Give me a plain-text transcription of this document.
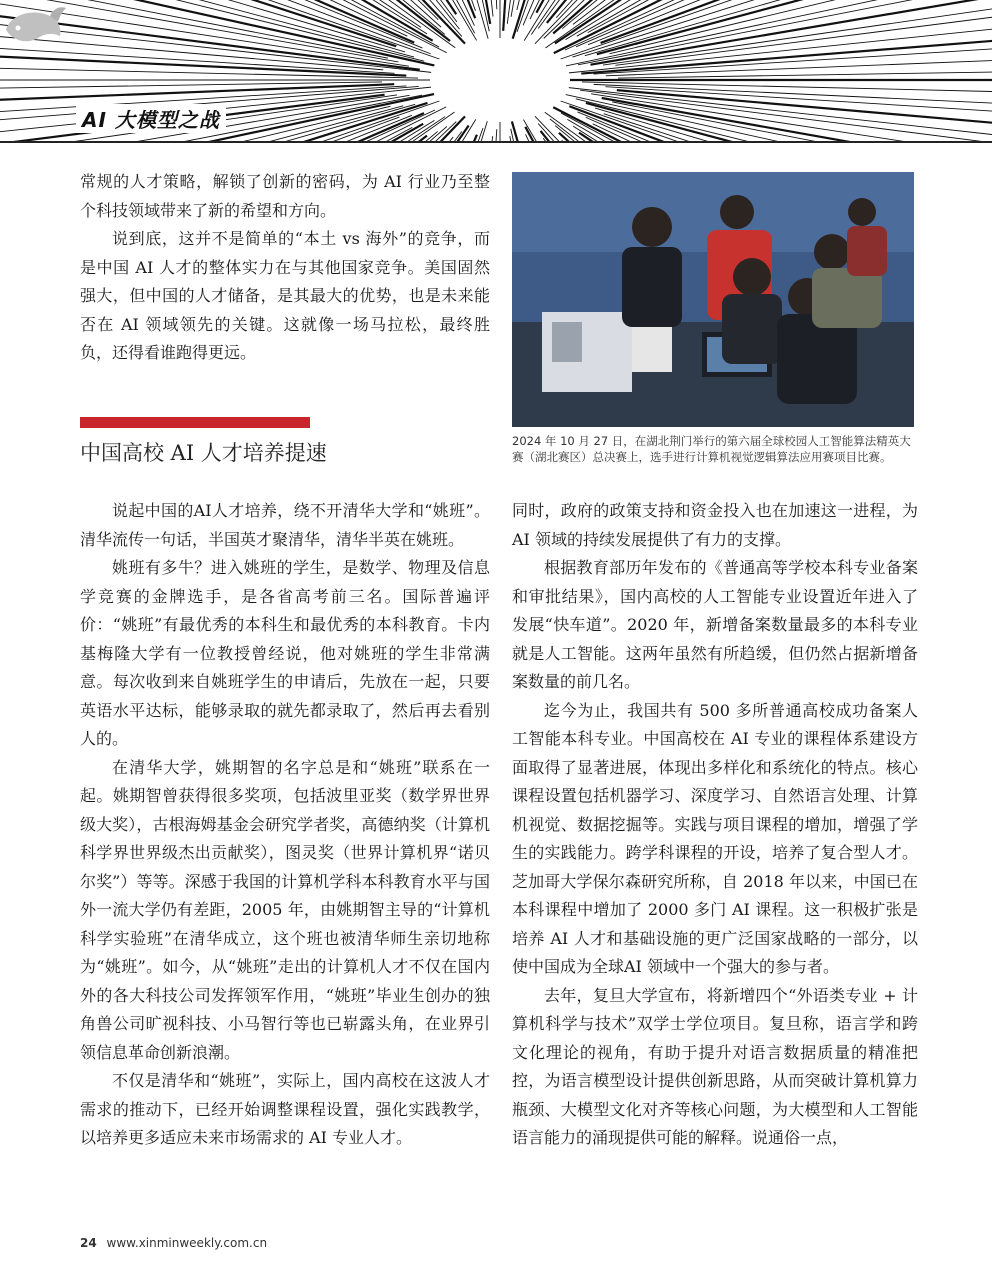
AI 大模型之战

常规的人才策略，解锁了创新的密码，为 AI 行业乃至整个科技领域带来了新的希望和方向。

说到底，这并不是简单的“本土 vs 海外”的竞争，而是中国 AI 人才的整体实力在与其他国家竞争。美国固然强大，但中国的人才储备，是其最大的优势，也是未来能否在 AI 领域领先的关键。这就像一场马拉松，最终胜负，还得看谁跑得更远。

中国高校 AI 人才培养提速	2024 年 10 月 27 日，在湖北荆门举行的第六届全球校园人工智能算法精英大赛（湖北赛区）总决赛上，选手进行计算机视觉逻辑算法应用赛项目比赛。

说起中国的AI人才培养，绕不开清华大学和“姚班”。清华流传一句话，半国英才聚清华，清华半英在姚班。

姚班有多牛？进入姚班的学生，是数学、物理及信息学竞赛的金牌选手，是各省高考前三名。国际普遍评价：“姚班”有最优秀的本科生和最优秀的本科教育。卡内基梅隆大学有一位教授曾经说，他对姚班的学生非常满意。每次收到来自姚班学生的申请后，先放在一起，只要英语水平达标，能够录取的就先都录取了，然后再去看别人的。

在清华大学，姚期智的名字总是和“姚班”联系在一起。姚期智曾获得很多奖项，包括波里亚奖（数学界世界级大奖），古根海姆基金会研究学者奖，高德纳奖（计算机科学界世界级杰出贡献奖），图灵奖（世界计算机界“诺贝尔奖”）等等。深感于我国的计算机学科本科教育水平与国外一流大学仍有差距，2005 年，由姚期智主导的“计算机科学实验班”在清华成立，这个班也被清华师生亲切地称为“姚班”。如今，从“姚班”走出的计算机人才不仅在国内外的各大科技公司发挥领军作用，“姚班”毕业生创办的独角兽公司旷视科技、小马智行等也已崭露头角，在业界引领信息革命创新浪潮。

不仅是清华和“姚班”，实际上，国内高校在这波人才需求的推动下，已经开始调整课程设置，强化实践教学，以培养更多适应未来市场需求的 AI 专业人才。

同时，政府的政策支持和资金投入也在加速这一进程，为 AI 领域的持续发展提供了有力的支撑。

根据教育部历年发布的《普通高等学校本科专业备案和审批结果》，国内高校的人工智能专业设置近年进入了发展“快车道”。2020 年，新增备案数量最多的本科专业就是人工智能。这两年虽然有所趋缓，但仍然占据新增备案数量的前几名。

迄今为止，我国共有 500 多所普通高校成功备案人工智能本科专业。中国高校在 AI 专业的课程体系建设方面取得了显著进展，体现出多样化和系统化的特点。核心课程设置包括机器学习、深度学习、自然语言处理、计算机视觉、数据挖掘等。实践与项目课程的增加，增强了学生的实践能力。跨学科课程的开设，培养了复合型人才。芝加哥大学保尔森研究所称，自 2018 年以来，中国已在本科课程中增加了 2000 多门 AI 课程。这一积极扩张是培养 AI 人才和基础设施的更广泛国家战略的一部分，以使中国成为全球AI 领域中一个强大的参与者。

去年，复旦大学宣布，将新增四个“外语类专业 + 计算机科学与技术”双学士学位项目。复旦称，语言学和跨文化理论的视角，有助于提升对语言数据质量的精准把控，为语言模型设计提供创新思路，从而突破计算机算力瓶颈、大模型文化对齐等核心问题，为大模型和人工智能语言能力的涌现提供可能的解释。说通俗一点，

24 www.xinminweekly.com.cn
